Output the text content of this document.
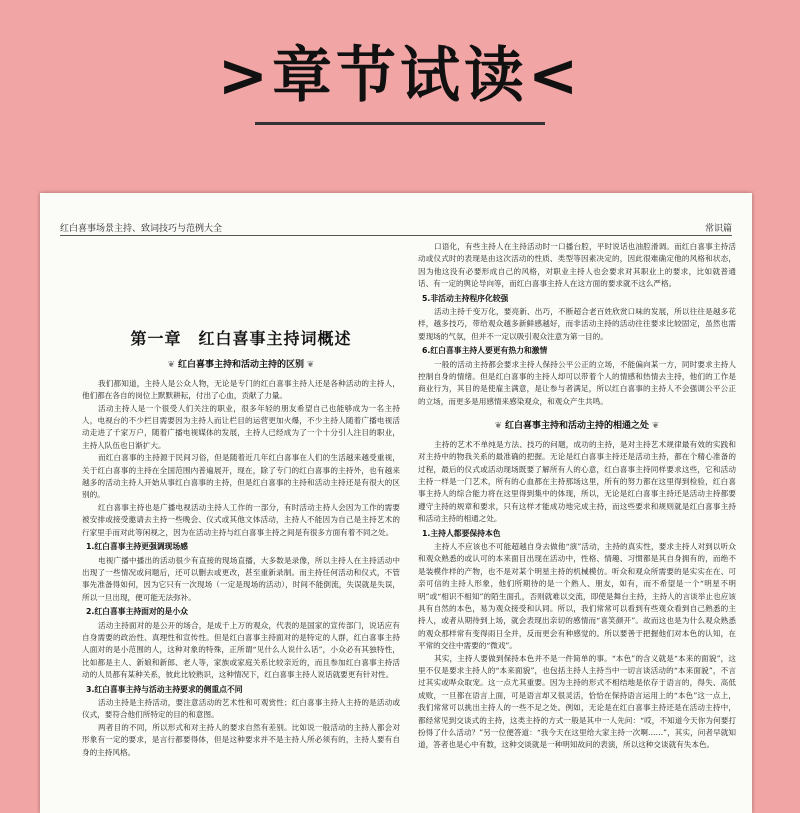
>章节试读<
红白喜事场景主持、致词技巧与范例大全	常识篇
第一章　红白喜事主持词概述
❦ 红白喜事主持和活动主持的区别 ❦

我们都知道，主持人是公众人物，无论是专门的红白喜事主持人还是各种活动的主持人，他们都在各自的岗位上默默耕耘，付出了心血，贡献了力量。

活动主持人是一个很受人们关注的职业，很多年轻的朋友希望自己也能够成为一名主持人，电视台的不少栏目需要因为主持人而让栏目的运营更加火爆，不少主持人随着广播电视活动走进了千家万户，随着广播电视媒体的发展，主持人已经成为了一个十分引人注目的职业，主持人队伍也日渐扩大。

而红白喜事的主持源于民间习俗，但是随着近几年红白喜事在人们的生活越来越受重视，关于红白喜事的主持在全国范围内普遍展开，现在，除了专门的红白喜事的主持外，也有越来越多的活动主持人开始从事红白喜事的主持，但是红白喜事的主持和活动主持还是有很大的区别的。

红白喜事主持也是广播电视活动主持人工作的一部分，有时活动主持人会因为工作的需要被安排或接受邀请去主持一些晚会、仪式或其他文体活动，主持人不能因为自己是主持艺术的行家里手而对此等闲视之，因为在活动主持与红白喜事主持之间是有很多方面有着不同之处。

1.红白喜事主持更强调现场感

电视广播中播出的活动很少有直接的现场直播，大多数是录像，所以主持人在主持活动中出现了一些情况或问题后，还可以删去或更改，甚至重新录制。而主持任何活动和仪式，不管事先准备得如何，因为它只有一次现场（一定是现场的活动），时间不能倒流，失误就是失误，所以一旦出现，便可能无法弥补。

2.红白喜事主持面对的是小众

活动主持面对的是公开的场合，是成千上万的观众，代表的是国家的宣传部门，说话应有自身需要的政治性、真理性和宣传性。但是红白喜事主持面对的是特定的人群，红白喜事主持人面对的是小范围的人，这种对象的特殊，正所谓“见什么人说什么话”，小众必有其独特性，比如都是主人、新娘和新郎、老人等，家族或家庭关系比较亲近的，而且参加红白喜事主持活动的人员都有某种关系，彼此比较熟识，这种情况下，红白喜事主持人说话就要更有针对性。

3.红白喜事主持与活动主持要求的侧重点不同

活动主持是主持活动，要注意活动的艺术性和可观赏性；红白喜事主持人主持的是活动或仪式，要符合他们所特定的目的和意图。

两者目的不同，所以形式和对主持人的要求自然有差别。比如说一般活动的主持人都会对形象有一定的要求，是言行都要得体，但是这种要求并不是主持人所必须有的，主持人要有自身的主持风格。

口语化，有些主持人在主持活动时一口播台腔，平时说话也油腔滑调。而红白喜事主持活动或仪式时的表现是由这次活动的性质、类型等因素决定的，因此很难确定他的风格和状态，因为他这没有必要形成自己的风格，对职业主持人也会要求对其职业上的要求，比如就普通话、有一定的舆论导向等，而红白喜事主持人在这方面的要求就不这么严格。

5.非活动主持程序化较强

活动主持千变万化，要亮新、出巧，不断超合老百姓欣赏口味的发展，所以往往是越多花样，越多技巧，带给观众越多新鲜感越好，而非活动主持的活动往往要求比较固定，虽然也需要现场的气氛，但并不一定以吸引观众注意为第一目的。

6.红白喜事主持人要更有热力和激情

一般的活动主持都会要求主持人保持公平公正的立场，不能偏向某一方，同时要求主持人控制自身的情绪。但是红白喜事的主持人却可以带着个人的情感和热情去主持，他们的工作是商业行为，其目的是使雇主满意，是让参与者满足，所以红白喜事的主持人不会强调公平公正的立场，而更多是用感情来感染观众，和观众产生共鸣。

❦ 红白喜事主持和活动主持的相通之处 ❦

主持的艺术不单纯是方法、技巧的问题，成功的主持，是对主持艺术规律最有效的实践和对主持中的物我关系的最准确的把握。无论是红白喜事主持还是活动主持，都在个精心准备的过程，最后的仪式或活动现场既要了解所有人的心意，红白喜事主持同样要求这些，它和活动主持一样是一门艺术，所有的心血都在主持那场这里，所有的努力都在这里得到检验，红白喜事主持人的综合能力将在这里得到集中的体现，所以，无论是红白喜事主持还是活动主持都要遵守主持的规章和要求，只有这样才能成功地完成主持，而这些要求和规则就是红白喜事主持和活动主持的相通之处。

1.主持人都要保持本色

主持人不应该也不可能超越自身去做他“演”活动，主持的真实性，要求主持人对到以听众和观众熟悉的或认可的本来面目出现在活动中，性格、情趣、习惯都是其自身拥有的，而绝不是装模作样的产物，也不是对某个明星主持的机械模仿。听众和观众所需要的是实实在在、可亲可信的主持人形象，他们所期待的是一个熟人、朋友，如有，而不希望是一个“明星不明明”或“相识不相知”的陌生面孔，否则就难以交流，即使是舞台主持，主持人的言谈举止也应该具有自然的本色，易为观众接受和认同。所以，我们常常可以看到有些观众看到自己熟悉的主持人，或者从期待到上场，就会表现出亲切的感情而“喜笑颜开”。故而这也是为什么观众熟悉的观众那样常有变得雨日全并，反而更会有种感觉的。所以要善于把握他们对本色的认知，在平常的交往中需要的“微戏”。

其实，主持人要做到保持本色并不是一件简单的事。“本色”的含义就是“本来的面貌”，这里不仅是要求主持人的“本来面貌”，也包括主持人主持当中一切言谈活动的“本来面貌”，不言过其实或哗众取宠。这一点尤其重要。因为主持的形式不相结地是依存于语言的，得失、高低成败，一旦都在语言上面，可是语言却又很灵活，恰恰在保持语言运用上的“本色”这一点上，我们常常可以挑出主持人的一些不足之处。例如，无论是在红白喜事主持还是在活动主持中，都经常见到交谈式的主持，这类主持的方式一般是其中一人先问：“哎，不知道今天你为何要打扮得了什么活动？”另一位便答道：“我今天在这里给大家主持一次啊……”，其实，问者早就知道，答者也是心中有数，这种交谈就是一种明知故问的表演，所以这种交谈就有失本色。
